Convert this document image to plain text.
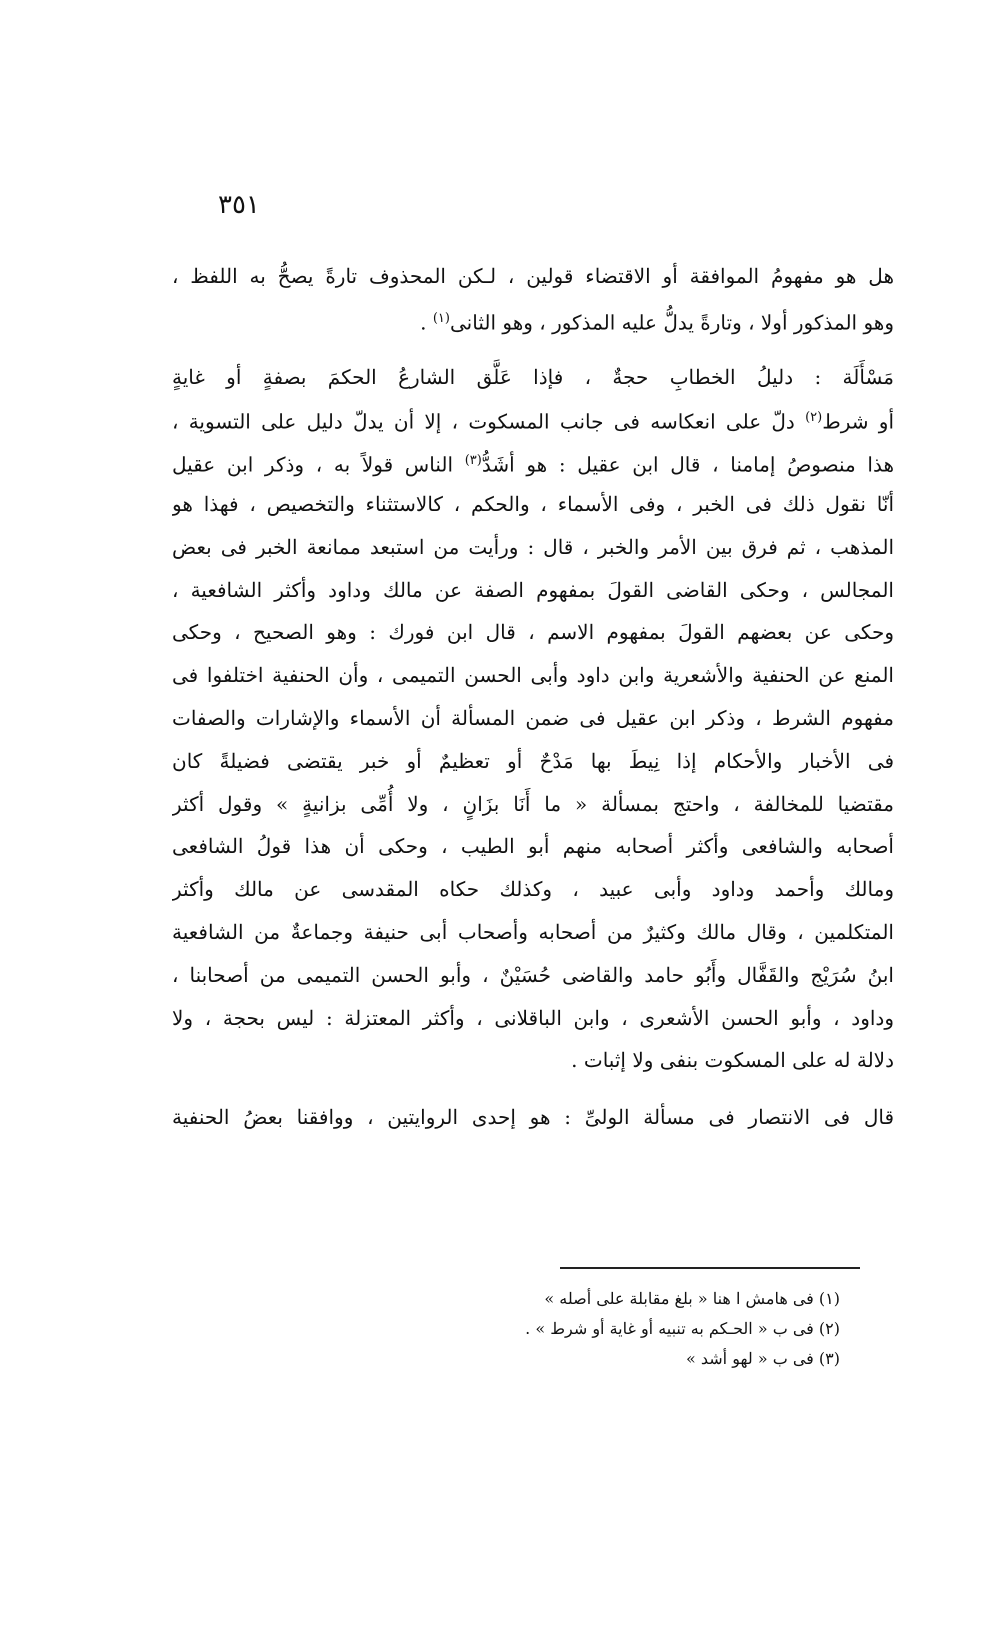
٣٥١
هل هو مفهومُ الموافقة أو الاقتضاء قولين ، لـكن المحذوف تارةً يصحُّ به اللفظ ،
وهو المذكور أولا ، وتارةً يدلُّ عليه المذكور ، وهو الثانى$^{(١)}$ .
مَسْأَلَة : دليلُ الخطابِ حجةٌ ، فإذا عَلَّق الشارعُ الحكمَ بصفةٍ أو غايةٍ
أو شرط$^{(٢)}$ دلّ على انعكاسه فى جانب المسكوت ، إلا أن يدلّ دليل على التسوية ،
هذا منصوصُ إمامنا ، قال ابن عقيل : هو أشَدُّ$^{(٣)}$ الناس قولاً به ، وذكر ابن عقيل
أنّا نقول ذلك فى الخبر ، وفى الأسماء ، والحكم ، كالاستثناء والتخصيص ، فهذا هو
المذهب ، ثم فرق بين الأمر والخبر ، قال : ورأيت من استبعد ممانعة الخبر فى بعض
المجالس ، وحكى القاضى القولَ بمفهوم الصفة عن مالك وداود وأكثر الشافعية ،
وحكى عن بعضهم القولَ بمفهوم الاسم ، قال ابن فورك : وهو الصحيح ، وحكى
المنع عن الحنفية والأشعرية وابن داود وأبى الحسن التميمى ، وأن الحنفية اختلفوا فى
مفهوم الشرط ، وذكر ابن عقيل فى ضمن المسألة أن الأسماء والإشارات والصفات
فى الأخبار والأحكام إذا نِيطَ بها مَدْحٌ أو تعظيمٌ أو خبر يقتضى فضيلةً كان
مقتضيا للمخالفة ، واحتج بمسألة « ما أَنَا بزَانٍ ، ولا أُمِّى بزانيةٍ » وقول أكثر
أصحابه والشافعى وأكثر أصحابه منهم أبو الطيب ، وحكى أن هذا قولُ الشافعى
ومالك وأحمد وداود وأبى عبيد ، وكذلك حكاه المقدسى عن مالك وأكثر
المتكلمين ، وقال مالك وكثيرٌ من أصحابه وأصحاب أبى حنيفة وجماعةٌ من الشافعية
ابنُ سُرَيْج والقَفَّال وأَبُو حامد والقاضى حُسَيْنٌ ، وأبو الحسن التميمى من أصحابنا ،
وداود ، وأبو الحسن الأشعرى ، وابن الباقلانى ، وأكثر المعتزلة : ليس بحجة ، ولا
دلالة له على المسكوت بنفى ولا إثبات .
قال فى الانتصار فى مسألة الولىِّ : هو إحدى الروايتين ، ووافقنا بعضُ الحنفية
(١) فى هامش ا هنا « بلغ مقابلة على أصله »
(٢) فى ب « الحـكم به تنبيه أو غاية أو شرط » .
(٣) فى ب « لهو أشد »
